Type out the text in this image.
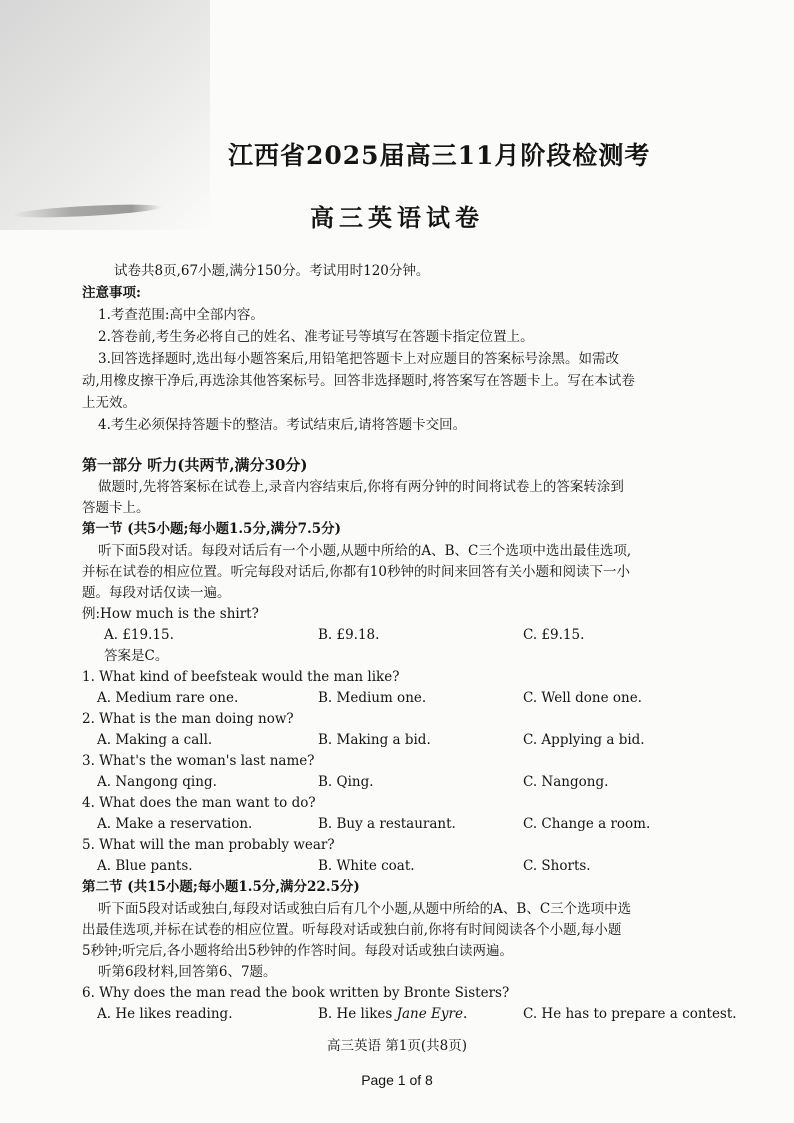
江西省2025届高三11月阶段检测考
高三英语试卷
试卷共8页,67小题,满分150分。考试用时120分钟。
注意事项:
1.考查范围:高中全部内容。
2.答卷前,考生务必将自己的姓名、准考证号等填写在答题卡指定位置上。
3.回答选择题时,选出每小题答案后,用铅笔把答题卡上对应题目的答案标号涂黑。如需改
动,用橡皮擦干净后,再选涂其他答案标号。回答非选择题时,将答案写在答题卡上。写在本试卷
上无效。
4.考生必须保持答题卡的整洁。考试结束后,请将答题卡交回。
第一部分 听力(共两节,满分30分)
做题时,先将答案标在试卷上,录音内容结束后,你将有两分钟的时间将试卷上的答案转涂到
答题卡上。
第一节 (共5小题;每小题1.5分,满分7.5分)
听下面5段对话。每段对话后有一个小题,从题中所给的A、B、C三个选项中选出最佳选项,
并标在试卷的相应位置。听完每段对话后,你都有10秒钟的时间来回答有关小题和阅读下一小
题。每段对话仅读一遍。
例:How much is the shirt?
A. £19.15.	B. £9.18.	C. £9.15.
答案是C。
1. What kind of beefsteak would the man like?
A. Medium rare one.	B. Medium one.	C. Well done one.
2. What is the man doing now?
A. Making a call.	B. Making a bid.	C. Applying a bid.
3. What's the woman's last name?
A. Nangong qing.	B. Qing.	C. Nangong.
4. What does the man want to do?
A. Make a reservation.	B. Buy a restaurant.	C. Change a room.
5. What will the man probably wear?
A. Blue pants.	B. White coat.	C. Shorts.
第二节 (共15小题;每小题1.5分,满分22.5分)
听下面5段对话或独白,每段对话或独白后有几个小题,从题中所给的A、B、C三个选项中选
出最佳选项,并标在试卷的相应位置。听每段对话或独白前,你将有时间阅读各个小题,每小题
5秒钟;听完后,各小题将给出5秒钟的作答时间。每段对话或独白读两遍。
听第6段材料,回答第6、7题。
6. Why does the man read the book written by Bronte Sisters?
A. He likes reading.	B. He likes Jane Eyre.	C. He has to prepare a contest.
高三英语 第1页(共8页)
Page 1 of 8
